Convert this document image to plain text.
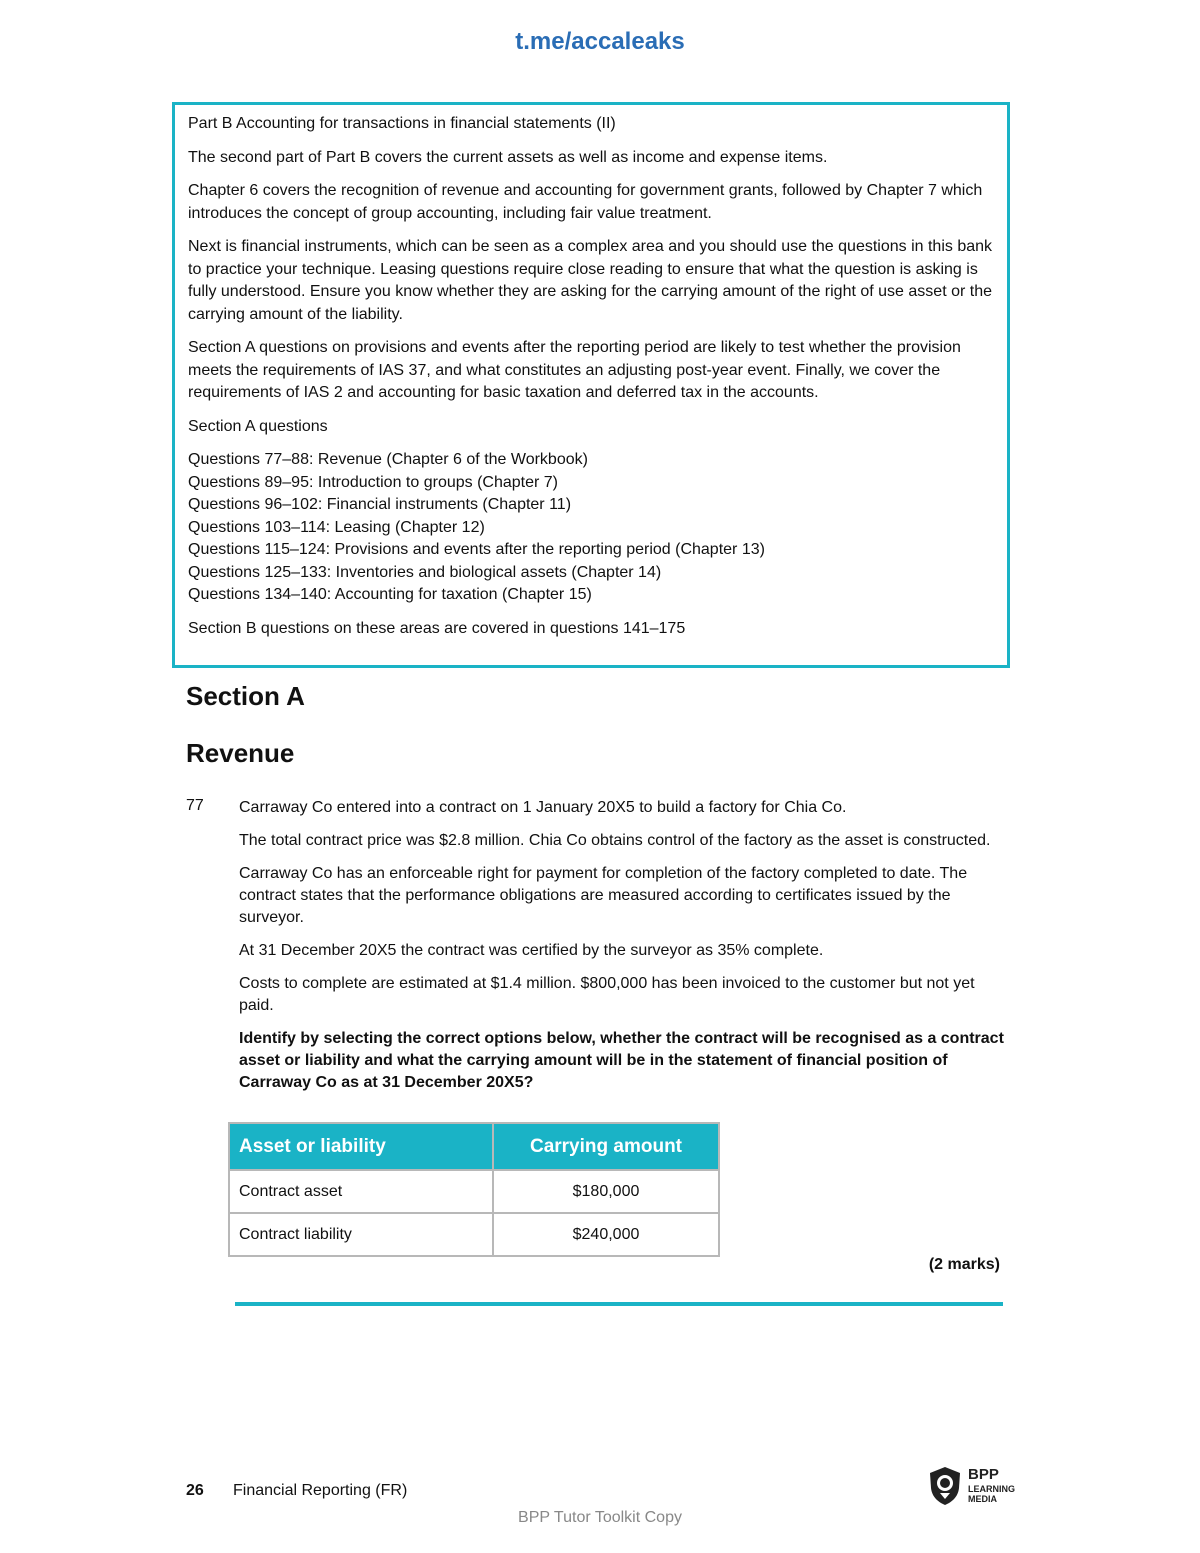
t.me/accaleaks

Part B Accounting for transactions in financial statements (II)

The second part of Part B covers the current assets as well as income and expense items.

Chapter 6 covers the recognition of revenue and accounting for government grants, followed by Chapter 7 which introduces the concept of group accounting, including fair value treatment.

Next is financial instruments, which can be seen as a complex area and you should use the questions in this bank to practice your technique. Leasing questions require close reading to ensure that what the question is asking is fully understood. Ensure you know whether they are asking for the carrying amount of the right of use asset or the carrying amount of the liability.

Section A questions on provisions and events after the reporting period are likely to test whether the provision meets the requirements of IAS 37, and what constitutes an adjusting post-year event. Finally, we cover the requirements of IAS 2 and accounting for basic taxation and deferred tax in the accounts.

Section A questions

Questions 77–88: Revenue (Chapter 6 of the Workbook)
Questions 89–95: Introduction to groups (Chapter 7)
Questions 96–102: Financial instruments (Chapter 11)
Questions 103–114: Leasing (Chapter 12)
Questions 115–124: Provisions and events after the reporting period (Chapter 13)
Questions 125–133: Inventories and biological assets (Chapter 14)
Questions 134–140: Accounting for taxation (Chapter 15)

Section B questions on these areas are covered in questions 141–175

Section A
Revenue
77 Carraway Co entered into a contract on 1 January 20X5 to build a factory for Chia Co.

The total contract price was $2.8 million. Chia Co obtains control of the factory as the asset is constructed.

Carraway Co has an enforceable right for payment for completion of the factory completed to date. The contract states that the performance obligations are measured according to certificates issued by the surveyor.

At 31 December 20X5 the contract was certified by the surveyor as 35% complete.

Costs to complete are estimated at $1.4 million. $800,000 has been invoiced to the customer but not yet paid.

Identify by selecting the correct options below, whether the contract will be recognised as a contract asset or liability and what the carrying amount will be in the statement of financial position of Carraway Co as at 31 December 20X5?

Asset or liability	Carrying amount
Contract asset	$180,000
Contract liability	$240,000
(2 marks)
26 Financial Reporting (FR)
BPP Tutor Toolkit Copy
BPP
LEARNING
MEDIA
